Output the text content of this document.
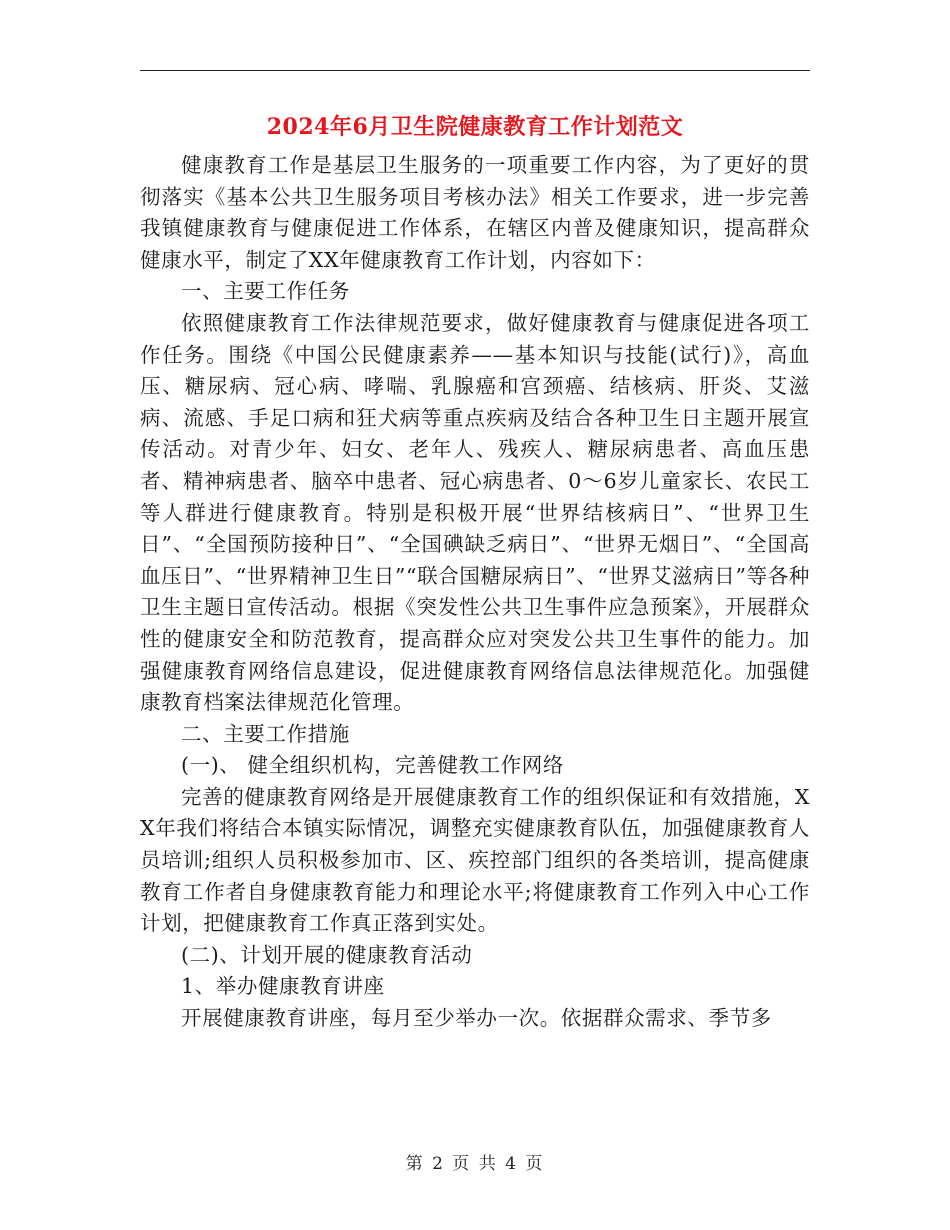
2024年6月卫生院健康教育工作计划范文

健康教育工作是基层卫生服务的一项重要工作内容，为了更好的贯彻落实《基本公共卫生服务项目考核办法》相关工作要求，进一步完善我镇健康教育与健康促进工作体系，在辖区内普及健康知识，提高群众健康水平，制定了XX年健康教育工作计划，内容如下：

一、主要工作任务

依照健康教育工作法律规范要求，做好健康教育与健康促进各项工作任务。围绕《中国公民健康素养——基本知识与技能(试行)》，高血压、糖尿病、冠心病、哮喘、乳腺癌和宫颈癌、结核病、肝炎、艾滋病、流感、手足口病和狂犬病等重点疾病及结合各种卫生日主题开展宣传活动。对青少年、妇女、老年人、残疾人、糖尿病患者、高血压患者、精神病患者、脑卒中患者、冠心病患者、0～6岁儿童家长、农民工等人群进行健康教育。特别是积极开展“世界结核病日”、“世界卫生日”、“全国预防接种日”、“全国碘缺乏病日”、“世界无烟日”、“全国高血压日”、“世界精神卫生日”“联合国糖尿病日”、“世界艾滋病日”等各种卫生主题日宣传活动。根据《突发性公共卫生事件应急预案》，开展群众性的健康安全和防范教育，提高群众应对突发公共卫生事件的能力。加强健康教育网络信息建设，促进健康教育网络信息法律规范化。加强健康教育档案法律规范化管理。

二、主要工作措施

(一)、 健全组织机构，完善健教工作网络

完善的健康教育网络是开展健康教育工作的组织保证和有效措施，XX年我们将结合本镇实际情况，调整充实健康教育队伍，加强健康教育人员培训;组织人员积极参加市、区、疾控部门组织的各类培训，提高健康教育工作者自身健康教育能力和理论水平;将健康教育工作列入中心工作计划，把健康教育工作真正落到实处。

(二)、计划开展的健康教育活动

1、举办健康教育讲座

开展健康教育讲座，每月至少举办一次。依据群众需求、季节多

第 2 页 共 4 页
